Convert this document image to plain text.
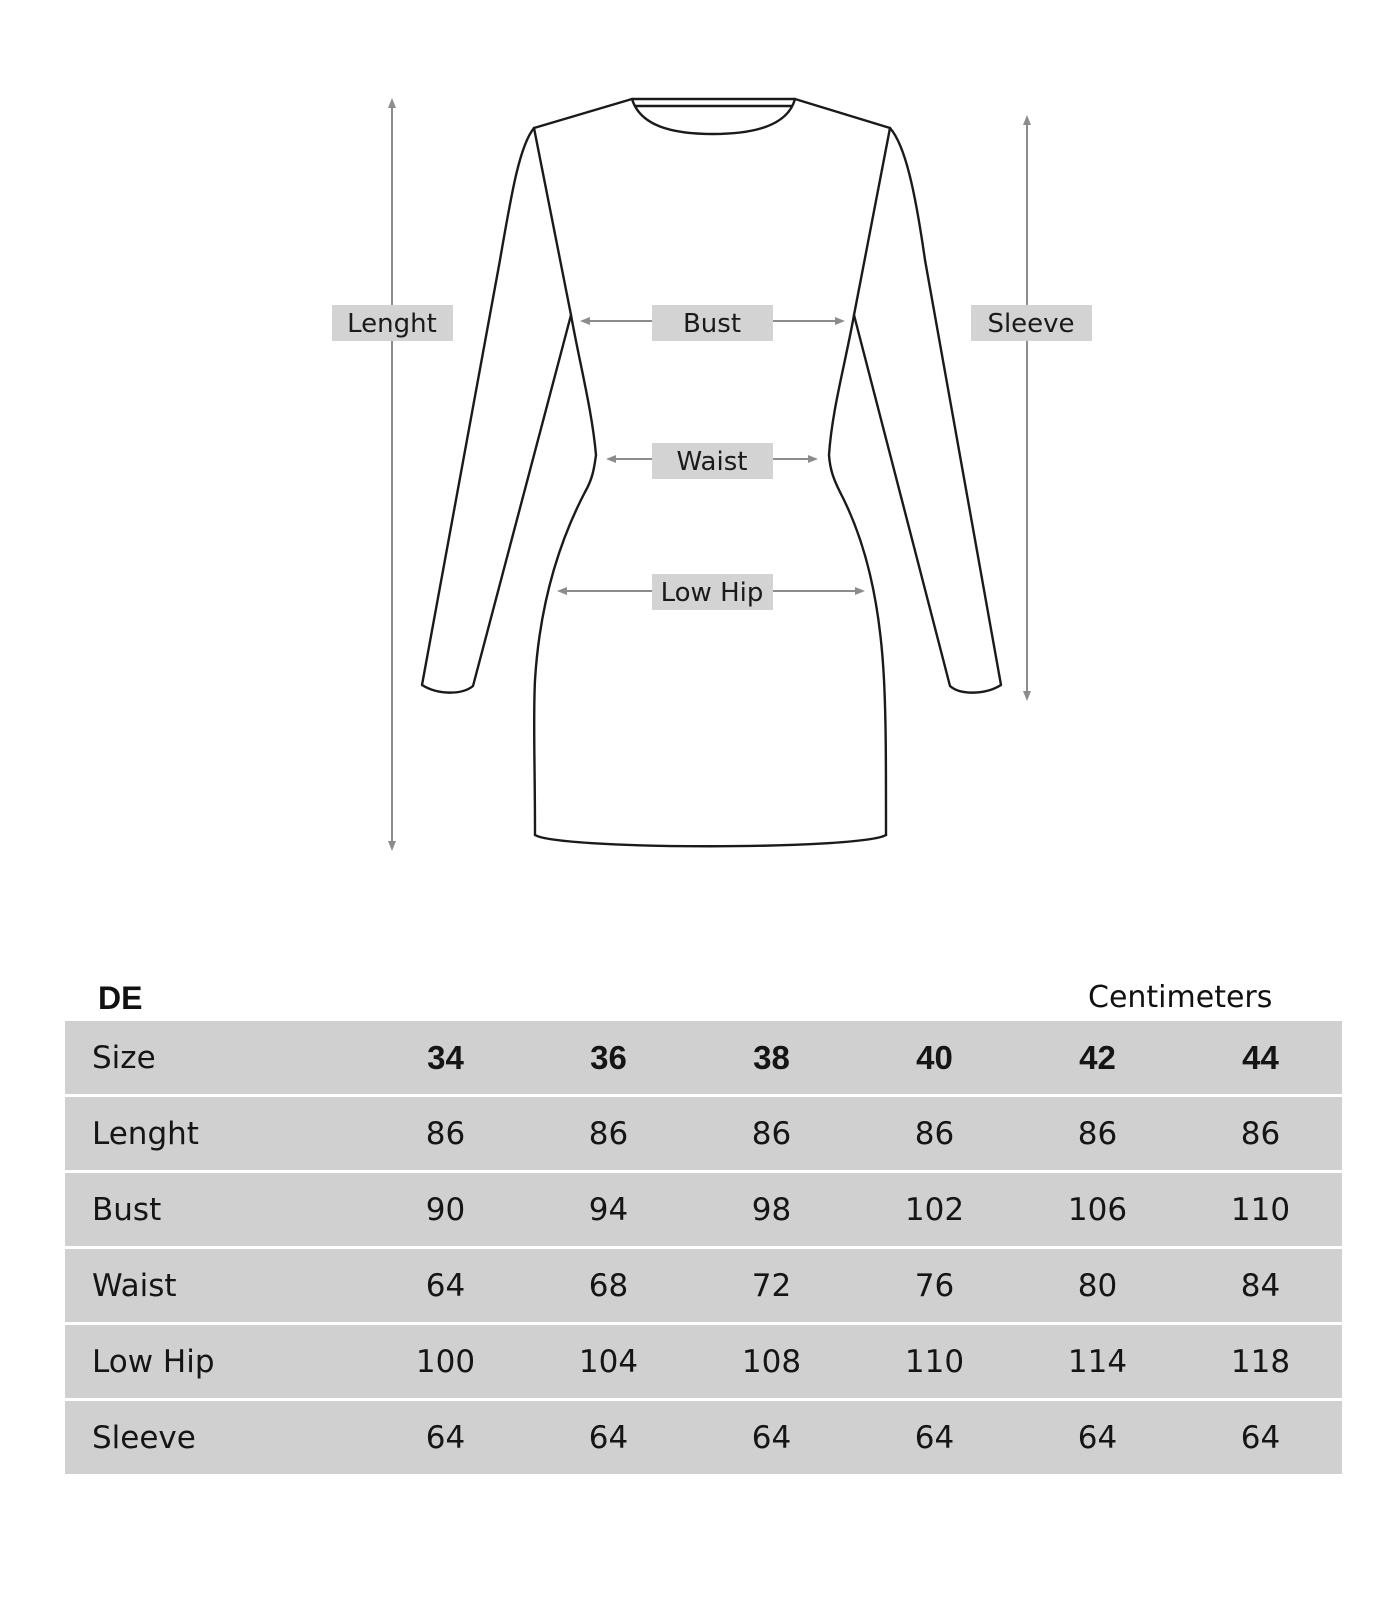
Lenght	Sleeve
Bust
Waist
Low Hip
DE	Centimeters
Size	34	36	38	40	42	44
Lenght	86	86	86	86	86	86
Bust	90	94	98	102	106	110
Waist	64	68	72	76	80	84
Low Hip	100	104	108	110	114	118
Sleeve	64	64	64	64	64	64
